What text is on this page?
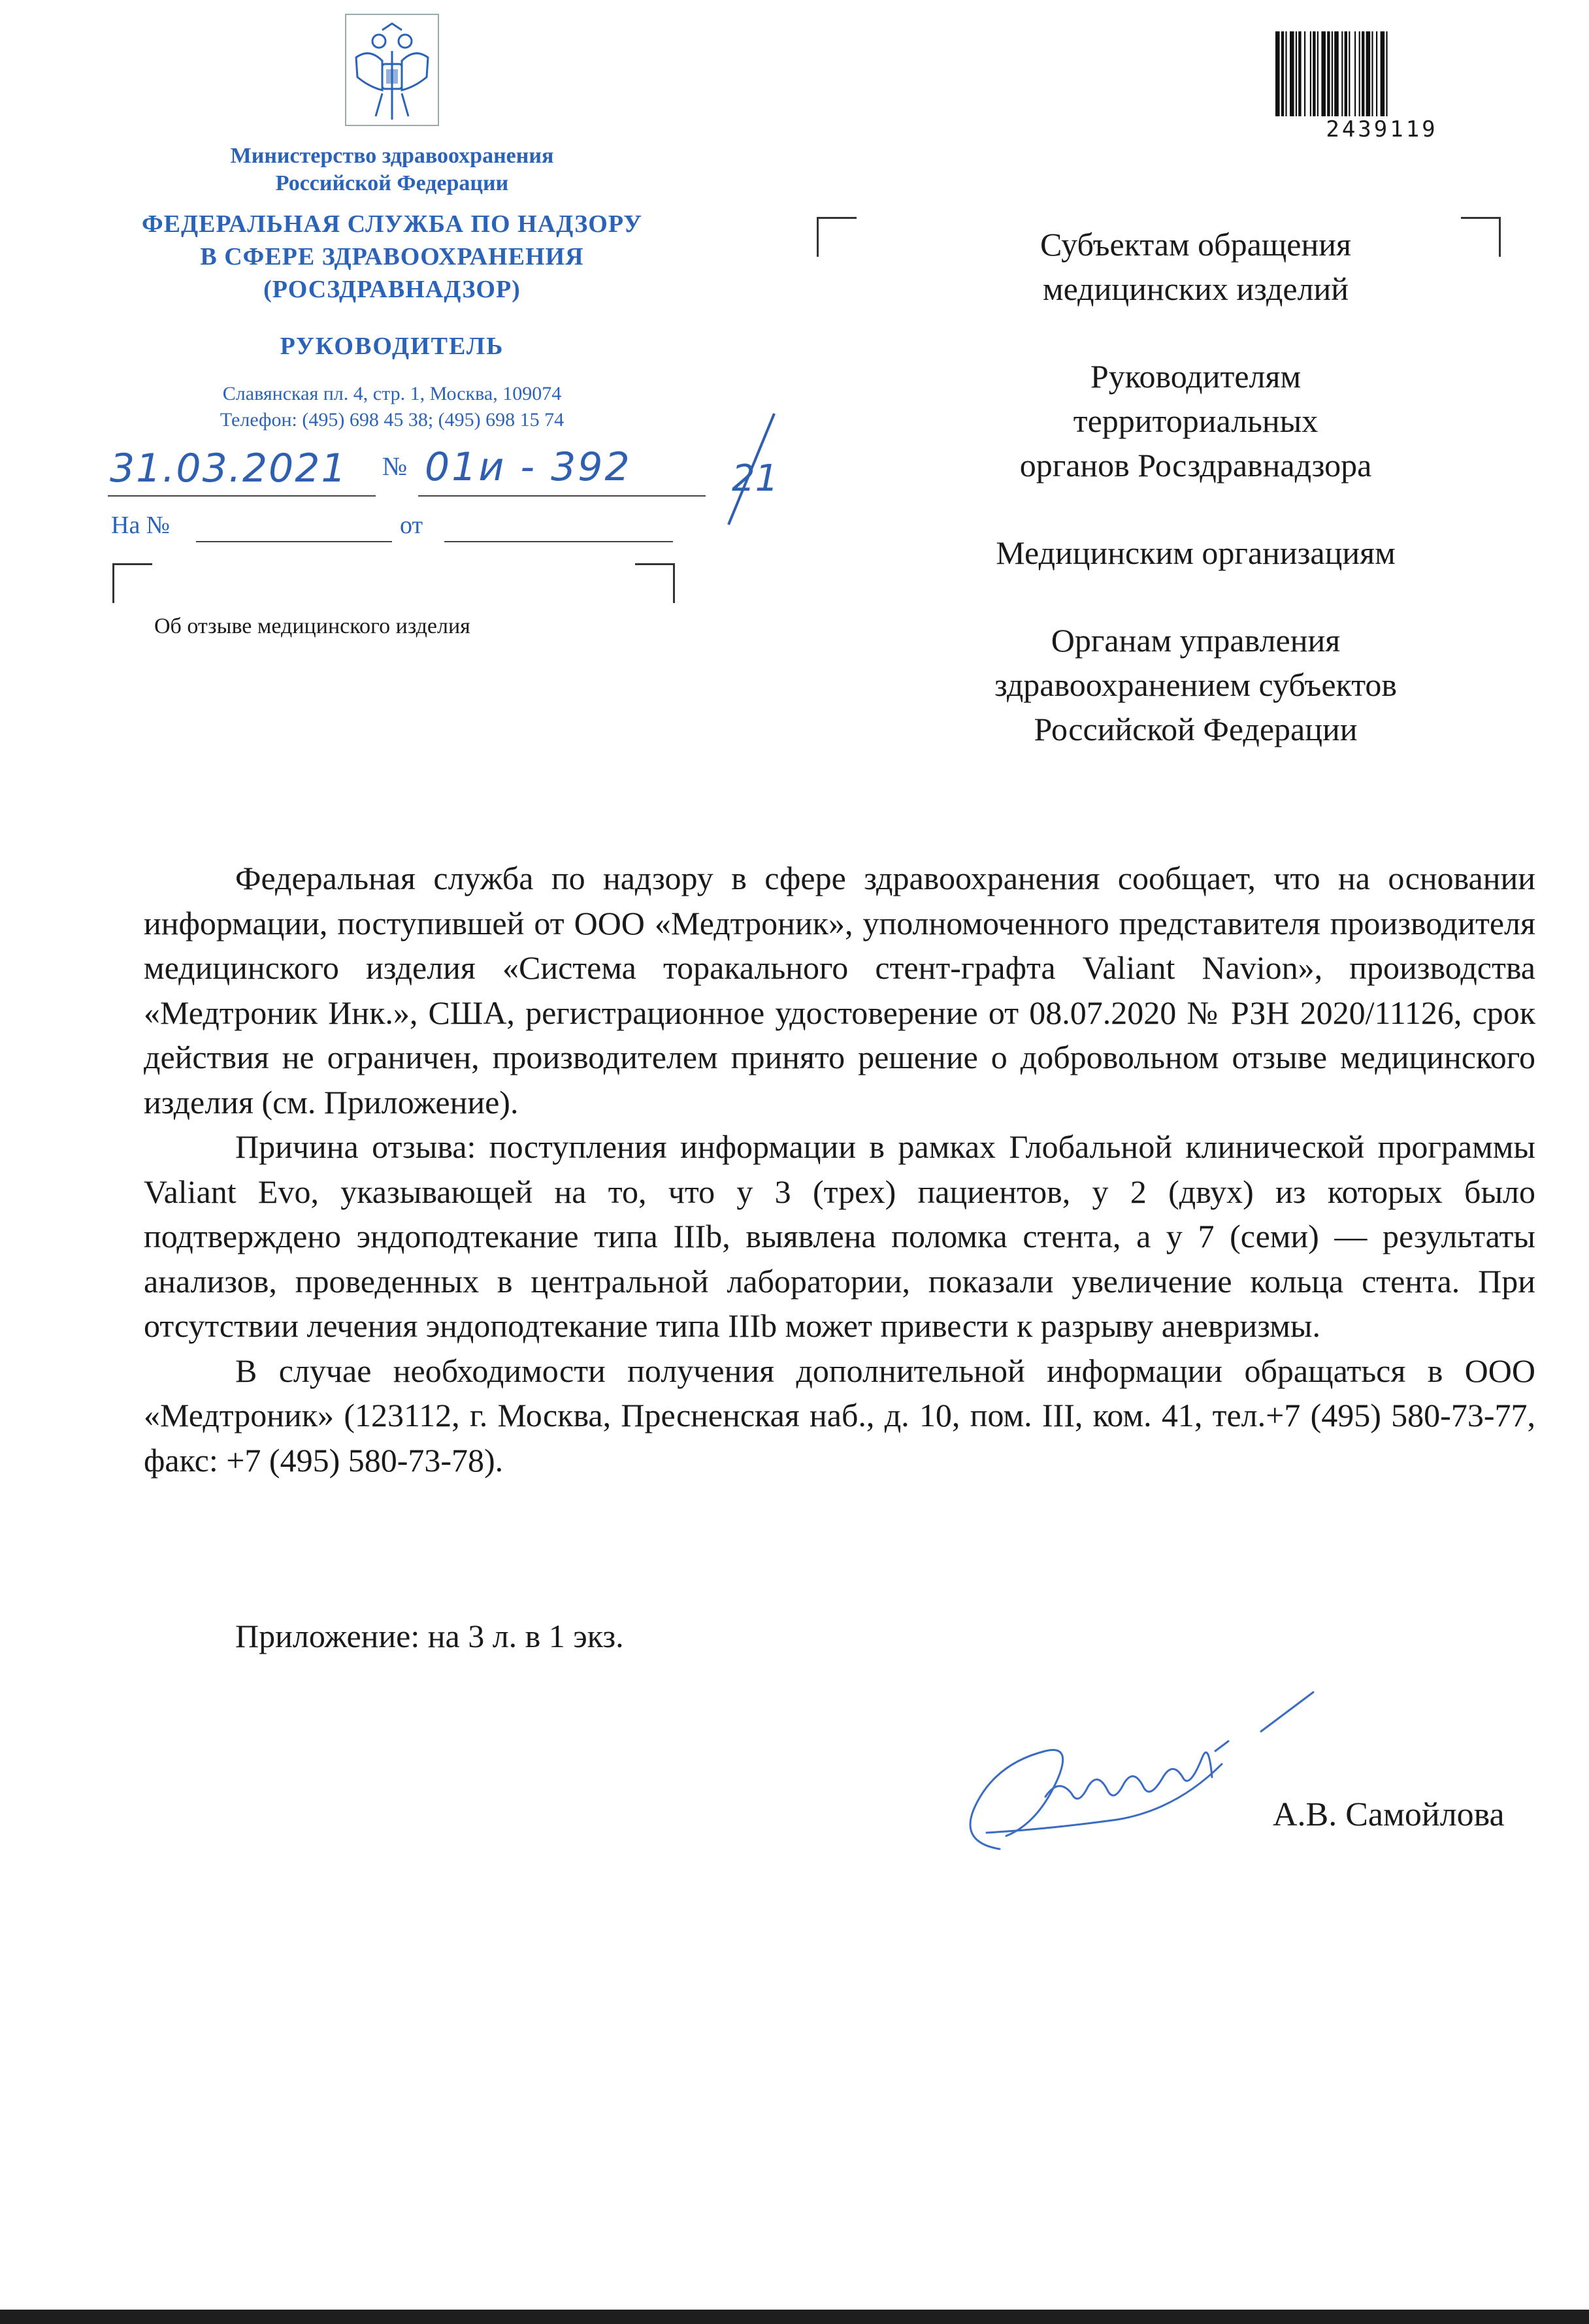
Министерство здравоохранения
Российской Федерации
ФЕДЕРАЛЬНАЯ СЛУЖБА ПО НАДЗОРУ
В СФЕРЕ ЗДРАВООХРАНЕНИЯ
(РОСЗДРАВНАДЗОР)
РУКОВОДИТЕЛЬ
Славянская пл. 4, стр. 1, Москва, 109074
Телефон: (495) 698 45 38; (495) 698 15 74
31.03.2021 № 01и - 392	21
На №	от
Об отзыве медицинского изделия
2439119
Субъектам обращения
медицинских изделий
Руководителям
территориальных
органов Росздравнадзора
Медицинским организациям
Органам управления
здравоохранением субъектов
Российской Федерации

Федеральная служба по надзору в сфере здравоохранения сообщает, что на основании информации, поступившей от ООО «Медтроник», уполномоченного представителя производителя медицинского изделия «Система торакального стент-графта Valiant Navion», производства «Медтроник Инк.», США, регистрационное удостоверение от 08.07.2020 № РЗН 2020/11126, срок действия не ограничен, производителем принято решение о добровольном отзыве медицинского изделия (см. Приложение).

Причина отзыва: поступления информации в рамках Глобальной клинической программы Valiant Evo, указывающей на то, что у 3 (трех) пациентов, у 2 (двух) из которых было подтверждено эндоподтекание типа IIIb, выявлена поломка стента, а у 7 (семи) — результаты анализов, проведенных в центральной лаборатории, показали увеличение кольца стента. При отсутствии лечения эндоподтекание типа IIIb может привести к разрыву аневризмы.

В случае необходимости получения дополнительной информации обращаться в ООО «Медтроник» (123112, г. Москва, Пресненская наб., д. 10, пом. III, ком. 41, тел.+7 (495) 580-73-77, факс: +7 (495) 580-73-78).

Приложение: на 3 л. в 1 экз.
А.В. Самойлова
